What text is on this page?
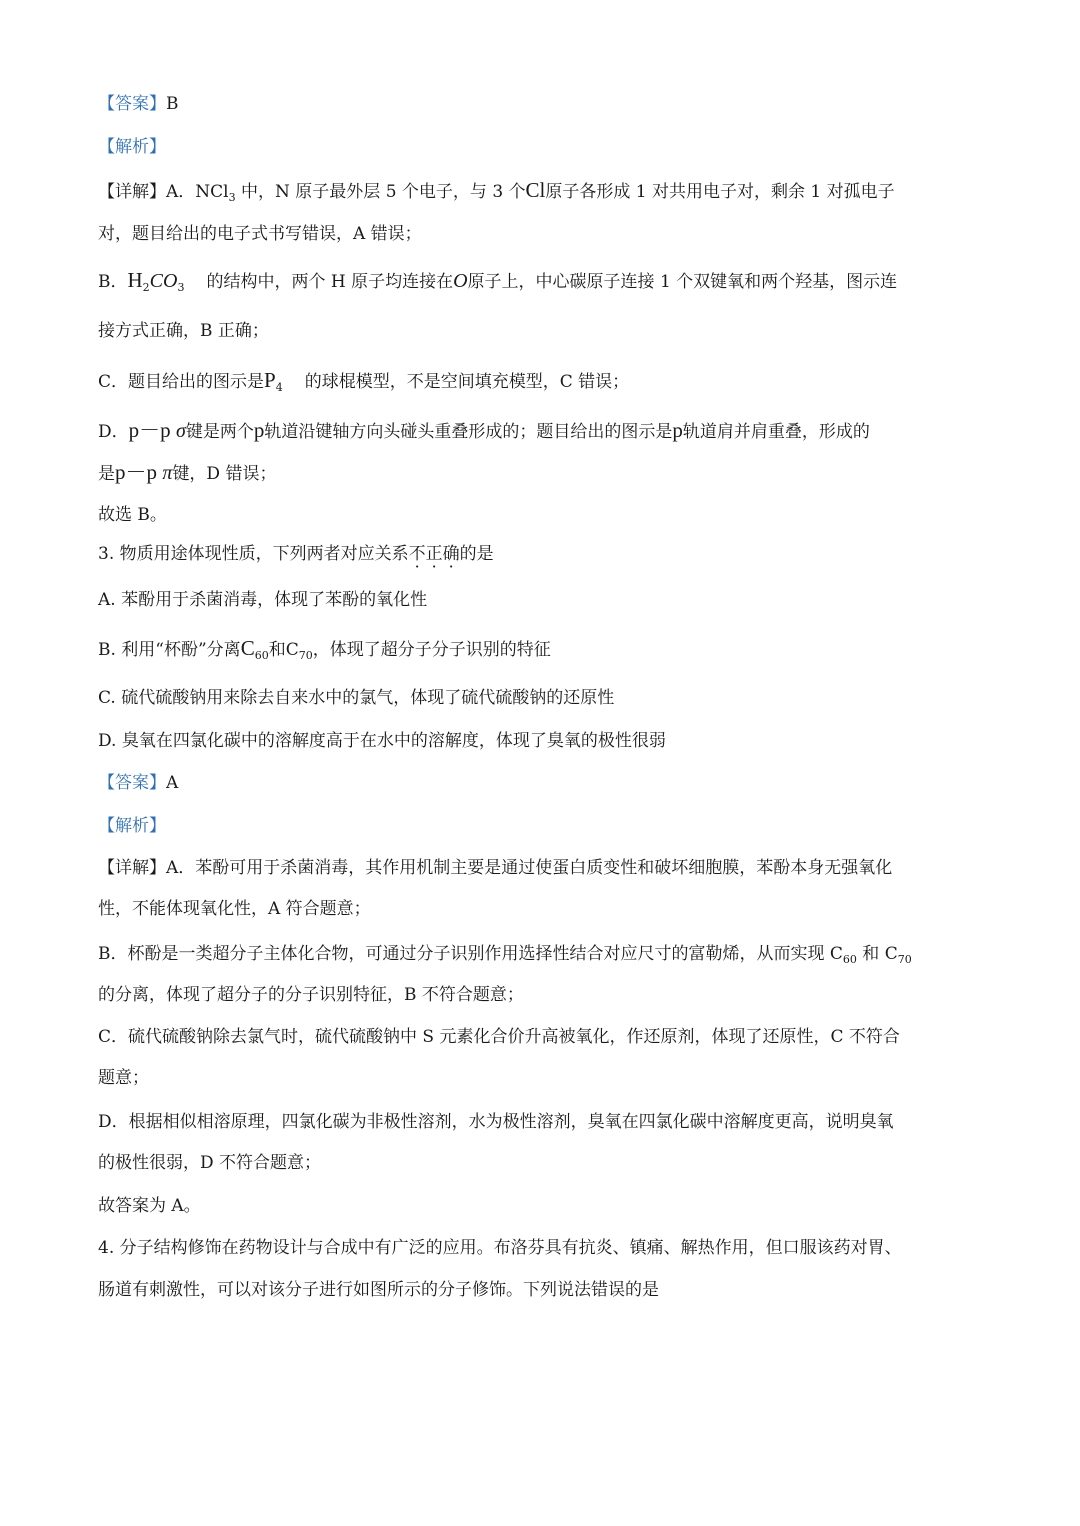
【答案】B
【解析】
【详解】A．NCl$_3$ 中，N 原子最外层 5 个电子，与 3 个Cl原子各形成 1 对共用电子对，剩余 1 对孤电子
对，题目给出的电子式书写错误，A 错误；
B．$H_2CO_3$ 的结构中，两个 H 原子均连接在O原子上，中心碳原子连接 1 个双键氧和两个羟基，图示连
接方式正确，B 正确；
C．题目给出的图示是$P_4$ 的球棍模型，不是空间填充模型，C 错误；
D．p－p σ键是两个p轨道沿键轴方向头碰头重叠形成的；题目给出的图示是p轨道肩并肩重叠，形成的
是p－p π键，D 错误；
故选 B。
3. 物质用途体现性质，下列两者对应关系不正确的是
A. 苯酚用于杀菌消毒，体现了苯酚的氧化性
B. 利用“杯酚”分离$C_{60}$和$C_{70}$，体现了超分子分子识别的特征
C. 硫代硫酸钠用来除去自来水中的氯气，体现了硫代硫酸钠的还原性
D. 臭氧在四氯化碳中的溶解度高于在水中的溶解度，体现了臭氧的极性很弱
【答案】A
【解析】
【详解】A．苯酚可用于杀菌消毒，其作用机制主要是通过使蛋白质变性和破坏细胞膜，苯酚本身无强氧化
性，不能体现氧化性，A 符合题意；
B．杯酚是一类超分子主体化合物，可通过分子识别作用选择性结合对应尺寸的富勒烯，从而实现 $C_{60}$ 和 $C_{70}$
的分离，体现了超分子的分子识别特征，B 不符合题意；
C．硫代硫酸钠除去氯气时，硫代硫酸钠中 S 元素化合价升高被氧化，作还原剂，体现了还原性，C 不符合
题意；
D．根据相似相溶原理，四氯化碳为非极性溶剂，水为极性溶剂，臭氧在四氯化碳中溶解度更高，说明臭氧
的极性很弱，D 不符合题意；
故答案为 A。
4. 分子结构修饰在药物设计与合成中有广泛的应用。布洛芬具有抗炎、镇痛、解热作用，但口服该药对胃、
肠道有刺激性，可以对该分子进行如图所示的分子修饰。下列说法错误的是
